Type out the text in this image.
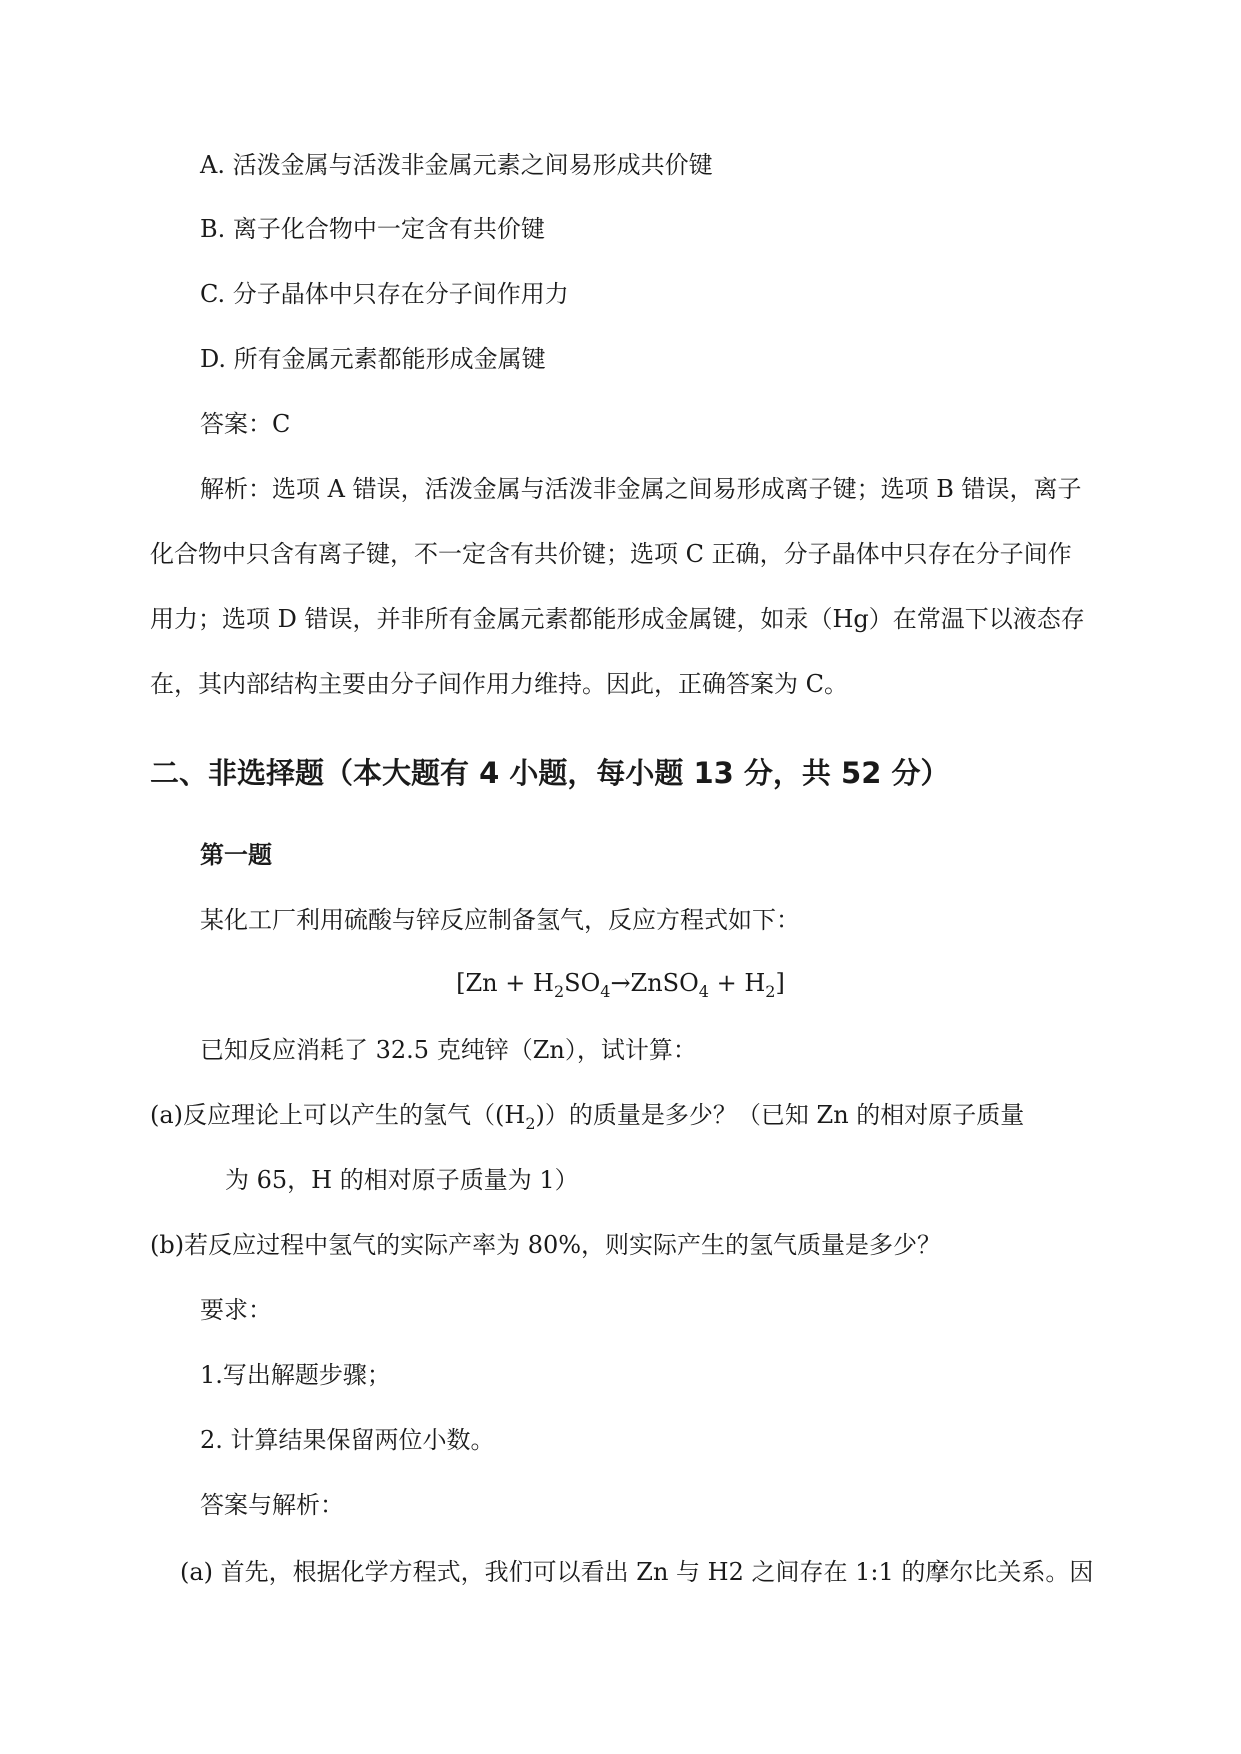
A. 活泼金属与活泼非金属元素之间易形成共价键
B. 离子化合物中一定含有共价键
C. 分子晶体中只存在分子间作用力
D. 所有金属元素都能形成金属键
答案：C
解析：选项 A 错误，活泼金属与活泼非金属之间易形成离子键；选项 B 错误，离子
化合物中只含有离子键，不一定含有共价键；选项 C 正确，分子晶体中只存在分子间作
用力；选项 D 错误，并非所有金属元素都能形成金属键，如汞（Hg）在常温下以液态存
在，其内部结构主要由分子间作用力维持。因此，正确答案为 C。
二、非选择题（本大题有 4 小题，每小题 13 分，共 52 分）
第一题
某化工厂利用硫酸与锌反应制备氢气，反应方程式如下：
$[Zn + H_2SO_4\to ZnSO_4 + H_2]$
已知反应消耗了 32.5 克纯锌（Zn），试计算：
(a)反应理论上可以产生的氢气$((H_2))$的质量是多少？（已知 Zn 的相对原子质量
为 65，H 的相对原子质量为 1）
(b)若反应过程中氢气的实际产率为 80%，则实际产生的氢气质量是多少？
要求：
1.写出解题步骤；
2. 计算结果保留两位小数。
答案与解析：
(a) 首先，根据化学方程式，我们可以看出 Zn 与 H2 之间存在 1:1 的摩尔比关系。因
